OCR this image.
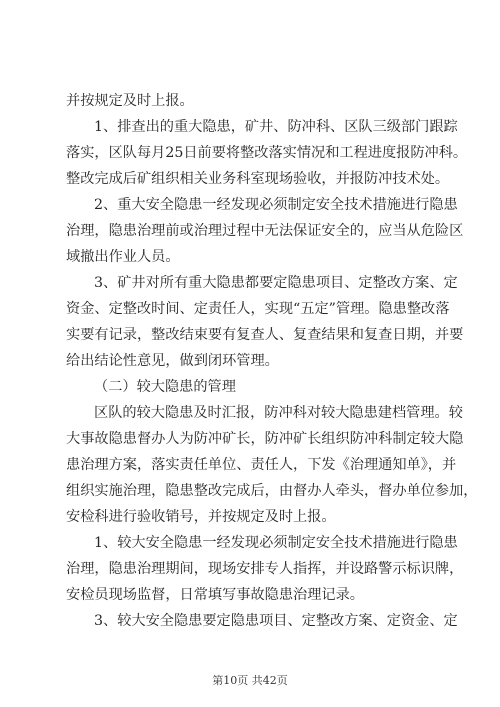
并按规定及时上报。
1、排查出的重大隐患，矿井、防冲科、区队三级部门跟踪
落实，区队每月25日前要将整改落实情况和工程进度报防冲科。
整改完成后矿组织相关业务科室现场验收，并报防冲技术处。
2、重大安全隐患一经发现必须制定安全技术措施进行隐患
治理，隐患治理前或治理过程中无法保证安全的，应当从危险区
域撤出作业人员。
3、矿井对所有重大隐患都要定隐患项目、定整改方案、定
资金、定整改时间、定责任人，实现“五定”管理。隐患整改落
实要有记录，整改结束要有复查人、复查结果和复查日期，并要
给出结论性意见，做到闭环管理。
（二）较大隐患的管理
区队的较大隐患及时汇报，防冲科对较大隐患建档管理。较
大事故隐患督办人为防冲矿长，防冲矿长组织防冲科制定较大隐
患治理方案，落实责任单位、责任人，下发《治理通知单》，并
组织实施治理，隐患整改完成后，由督办人牵头，督办单位参加，
安检科进行验收销号，并按规定及时上报。
1、较大安全隐患一经发现必须制定安全技术措施进行隐患
治理，隐患治理期间，现场安排专人指挥，并设路警示标识牌，
安检员现场监督，日常填写事故隐患治理记录。
3、较大安全隐患要定隐患项目、定整改方案、定资金、定
第10页 共42页
